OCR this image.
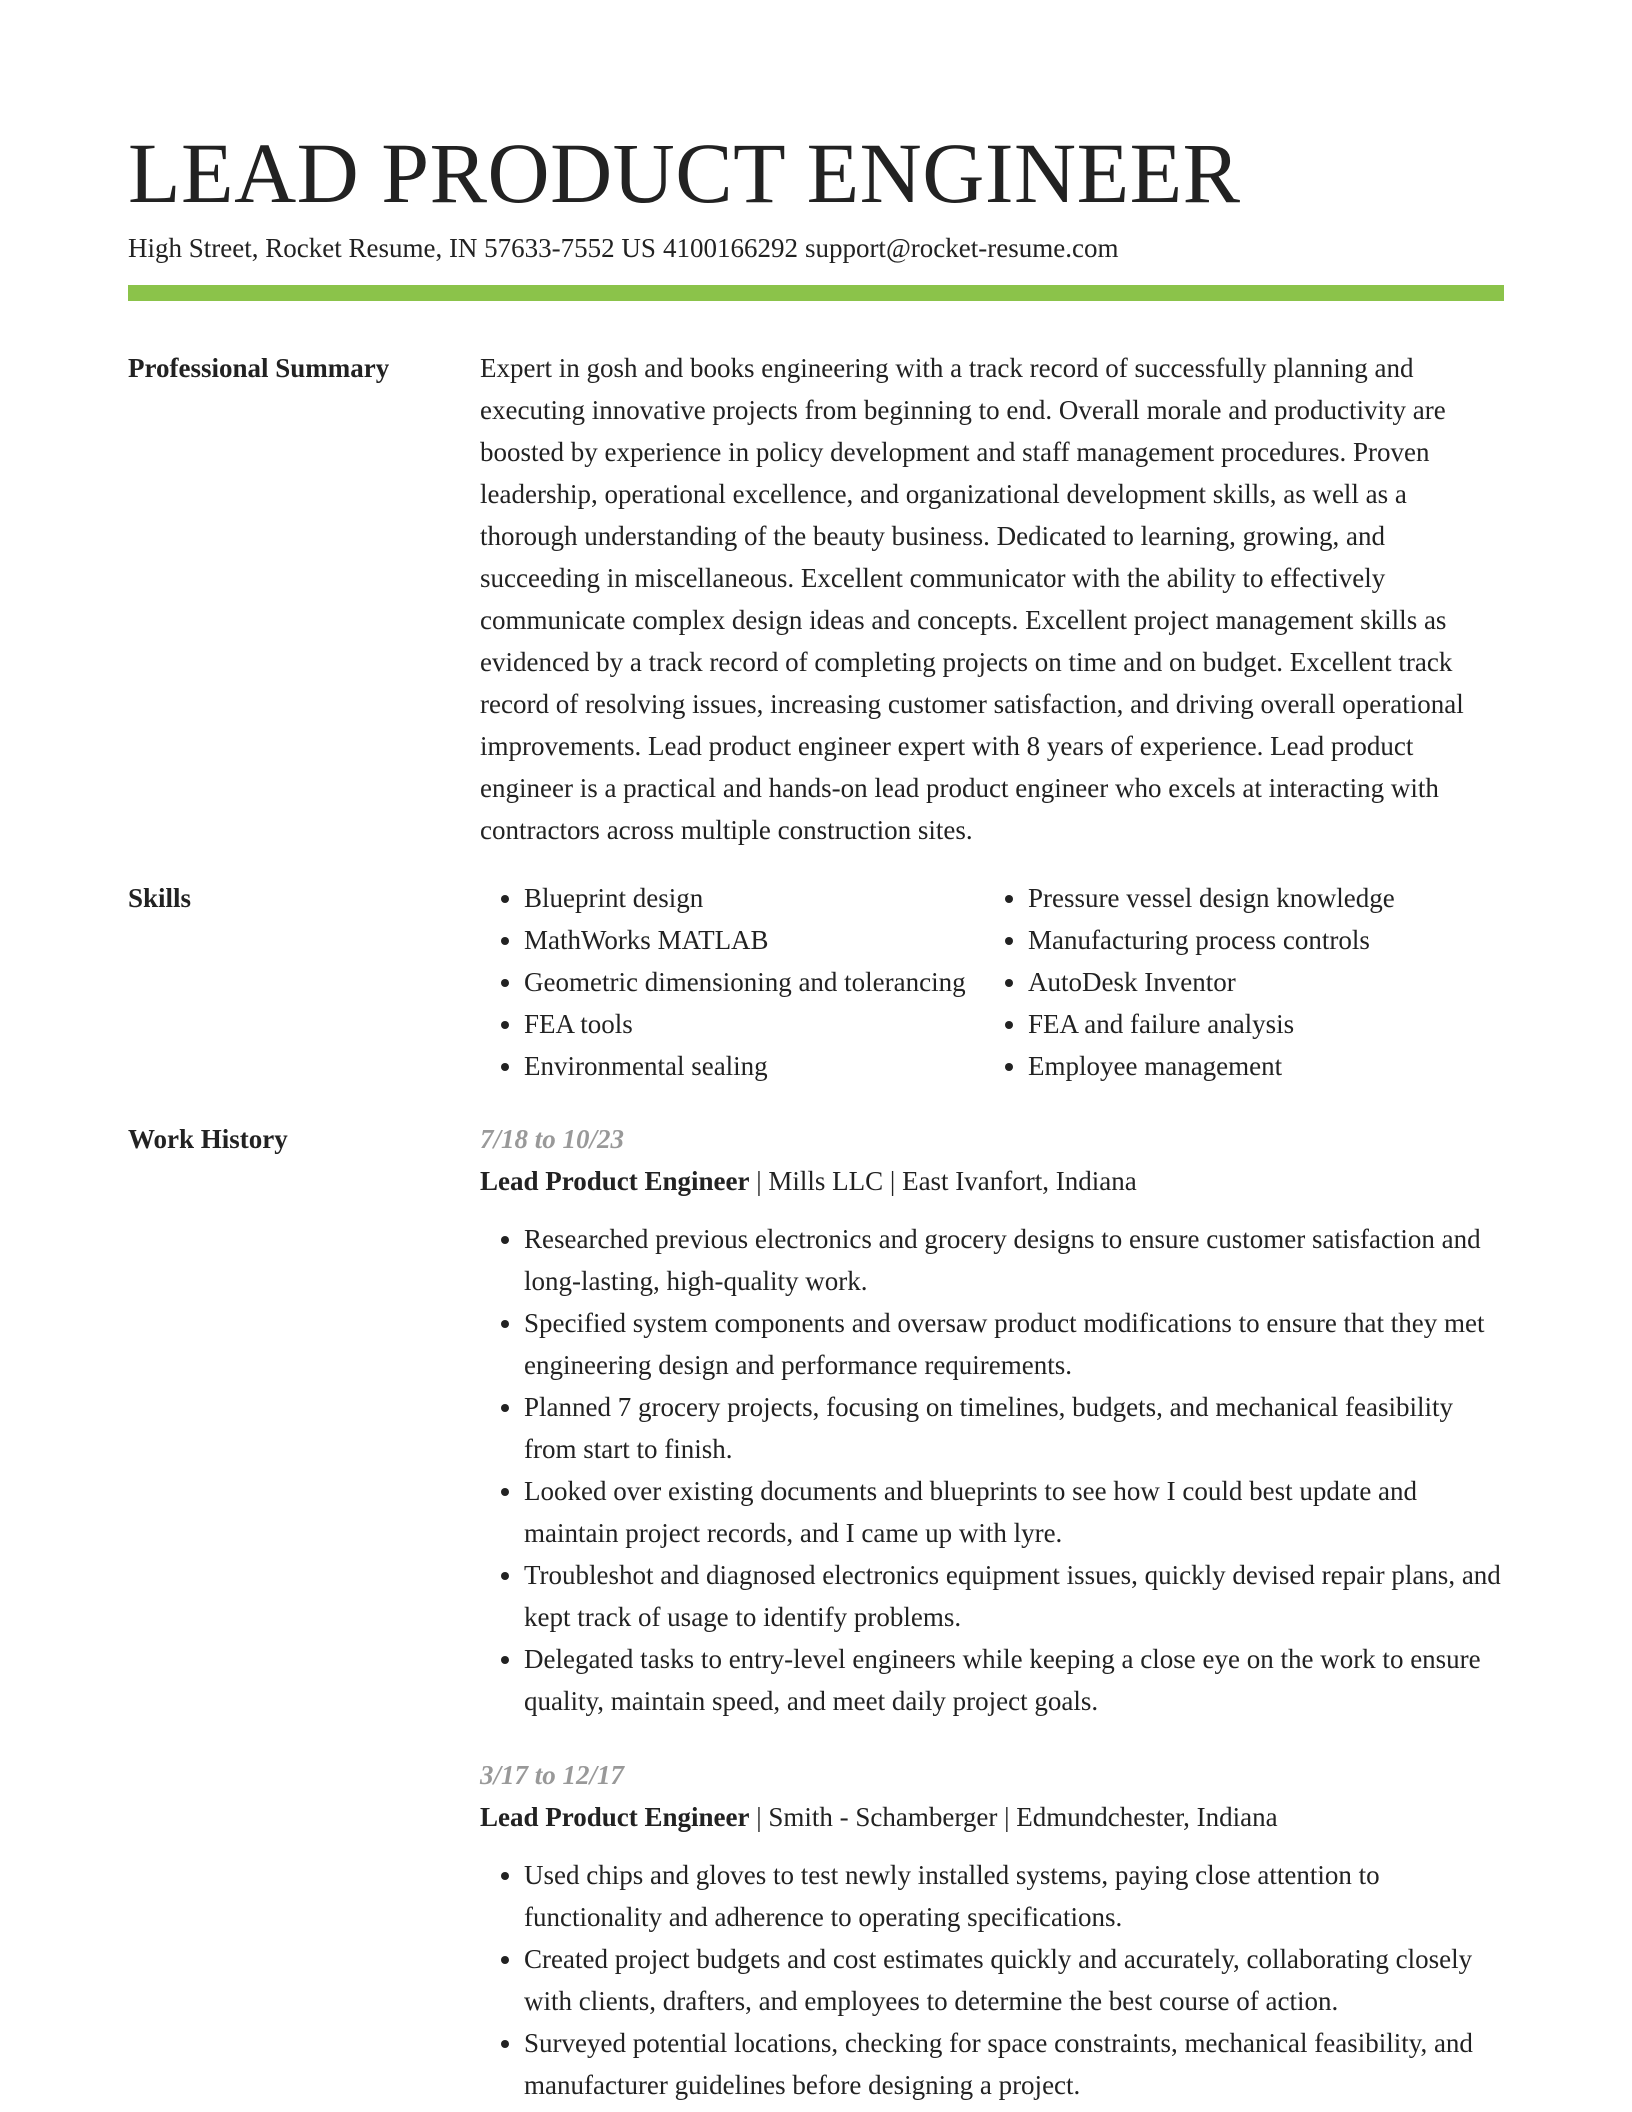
LEAD PRODUCT ENGINEER
High Street, Rocket Resume, IN 57633-7552 US 4100166292 support@rocket-resume.com
Professional Summary	Expert in gosh and books engineering with a track record of successfully planning and executing innovative projects from beginning to end. Overall morale and productivity are boosted by experience in policy development and staff management procedures. Proven leadership, operational excellence, and organizational development skills, as well as a thorough understanding of the beauty business. Dedicated to learning, growing, and succeeding in miscellaneous. Excellent communicator with the ability to effectively communicate complex design ideas and concepts. Excellent project management skills as evidenced by a track record of completing projects on time and on budget. Excellent track record of resolving issues, increasing customer satisfaction, and driving overall operational improvements. Lead product engineer expert with 8 years of experience. Lead product engineer is a practical and hands-on lead product engineer who excels at interacting with contractors across multiple construction sites.

Skills
•	Blueprint design
• MathWorks MATLAB
• Geometric dimensioning and tolerancing
• FEA tools
• Environmental sealing
• Pressure vessel design knowledge
• Manufacturing process controls
• AutoDesk Inventor
• FEA and failure analysis
• Employee management
Work History	7/18 to 10/23
Lead Product Engineer | Mills LLC | East Ivanfort, Indiana
• Researched previous electronics and grocery designs to ensure customer satisfaction and long-lasting, high-quality work.
• Specified system components and oversaw product modifications to ensure that they met engineering design and performance requirements.
• Planned 7 grocery projects, focusing on timelines, budgets, and mechanical feasibility from start to finish.
• Looked over existing documents and blueprints to see how I could best update and maintain project records, and I came up with lyre.
• Troubleshot and diagnosed electronics equipment issues, quickly devised repair plans, and kept track of usage to identify problems.
• Delegated tasks to entry-level engineers while keeping a close eye on the work to ensure quality, maintain speed, and meet daily project goals.
3/17 to 12/17
Lead Product Engineer | Smith - Schamberger | Edmundchester, Indiana
• Used chips and gloves to test newly installed systems, paying close attention to functionality and adherence to operating specifications.
• Created project budgets and cost estimates quickly and accurately, collaborating closely with clients, drafters, and employees to determine the best course of action.
• Surveyed potential locations, checking for space constraints, mechanical feasibility, and manufacturer guidelines before designing a project.
